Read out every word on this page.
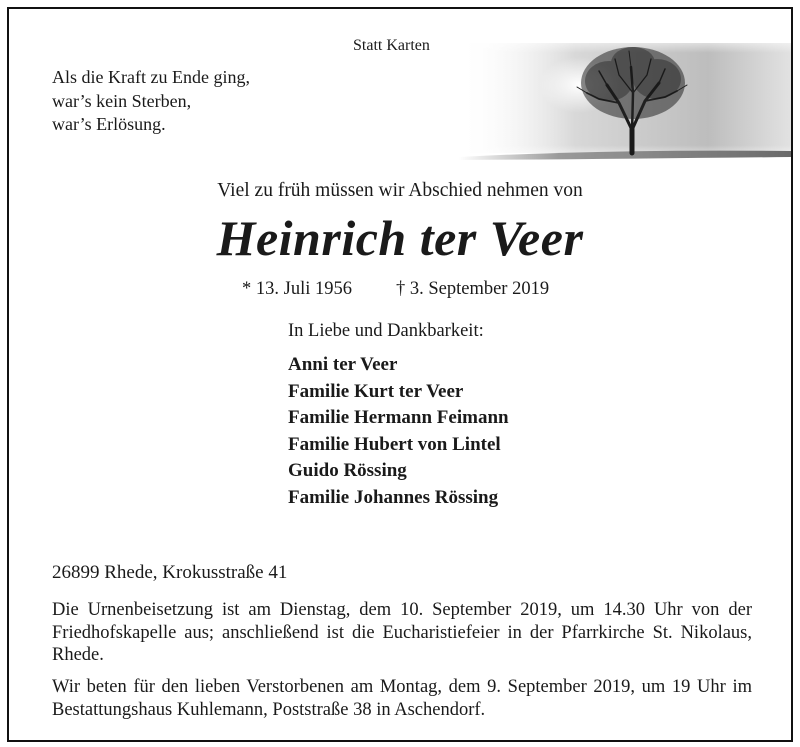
Statt Karten
Als die Kraft zu Ende ging,
war’s kein Sterben,
war’s Erlösung.
Viel zu früh müssen wir Abschied nehmen von
Heinrich ter Veer
* 13. Juli 1956 † 3. September 2019
In Liebe und Dankbarkeit:
Anni ter Veer
Familie Kurt ter Veer
Familie Hermann Feimann
Familie Hubert von Lintel
Guido Rössing
Familie Johannes Rössing
26899 Rhede, Krokusstraße 41
Die Urnenbeisetzung ist am Dienstag, dem 10. September 2019, um 14.30 Uhr von der Friedhofskapelle aus; anschließend ist die Eucharistiefeier in der Pfarrkirche St. Nikolaus, Rhede.
Wir beten für den lieben Verstorbenen am Montag, dem 9. September 2019, um 19 Uhr im Bestattungshaus Kuhlemann, Poststraße 38 in Aschendorf.
